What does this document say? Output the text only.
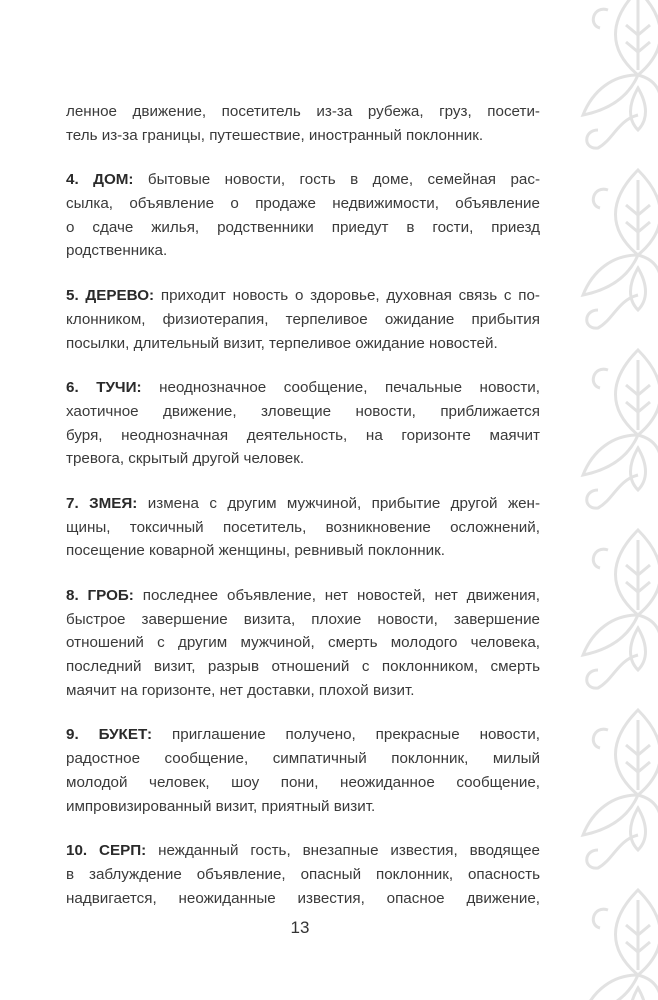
ленное движение, посетитель из-за рубежа, груз, посети-
тель из-за границы, путешествие, иностранный поклонник.
4. ДОМ: бытовые новости, гость в доме, семейная рас-
сылка, объявление о продаже недвижимости, объявление
о сдаче жилья, родственники приедут в гости, приезд
родственника.
5. ДЕРЕВО: приходит новость о здоровье, духовная связь с по-
клонником, физиотерапия, терпеливое ожидание прибытия
посылки, длительный визит, терпеливое ожидание новостей.
6. ТУЧИ: неоднозначное сообщение, печальные новости,
хаотичное движение, зловещие новости, приближается
буря, неоднозначная деятельность, на горизонте маячит
тревога, скрытый другой человек.
7. ЗМЕЯ: измена с другим мужчиной, прибытие другой жен-
щины, токсичный посетитель, возникновение осложнений,
посещение коварной женщины, ревнивый поклонник.
8. ГРОБ: последнее объявление, нет новостей, нет движения,
быстрое завершение визита, плохие новости, завершение
отношений с другим мужчиной, смерть молодого человека,
последний визит, разрыв отношений с поклонником, смерть
маячит на горизонте, нет доставки, плохой визит.
9. БУКЕТ: приглашение получено, прекрасные новости,
радостное сообщение, симпатичный поклонник, милый
молодой человек, шоу пони, неожиданное сообщение,
импровизированный визит, приятный визит.
10. СЕРП: нежданный гость, внезапные известия, вводящее
в заблуждение объявление, опасный поклонник, опасность
надвигается, неожиданные известия, опасное движение,
13
